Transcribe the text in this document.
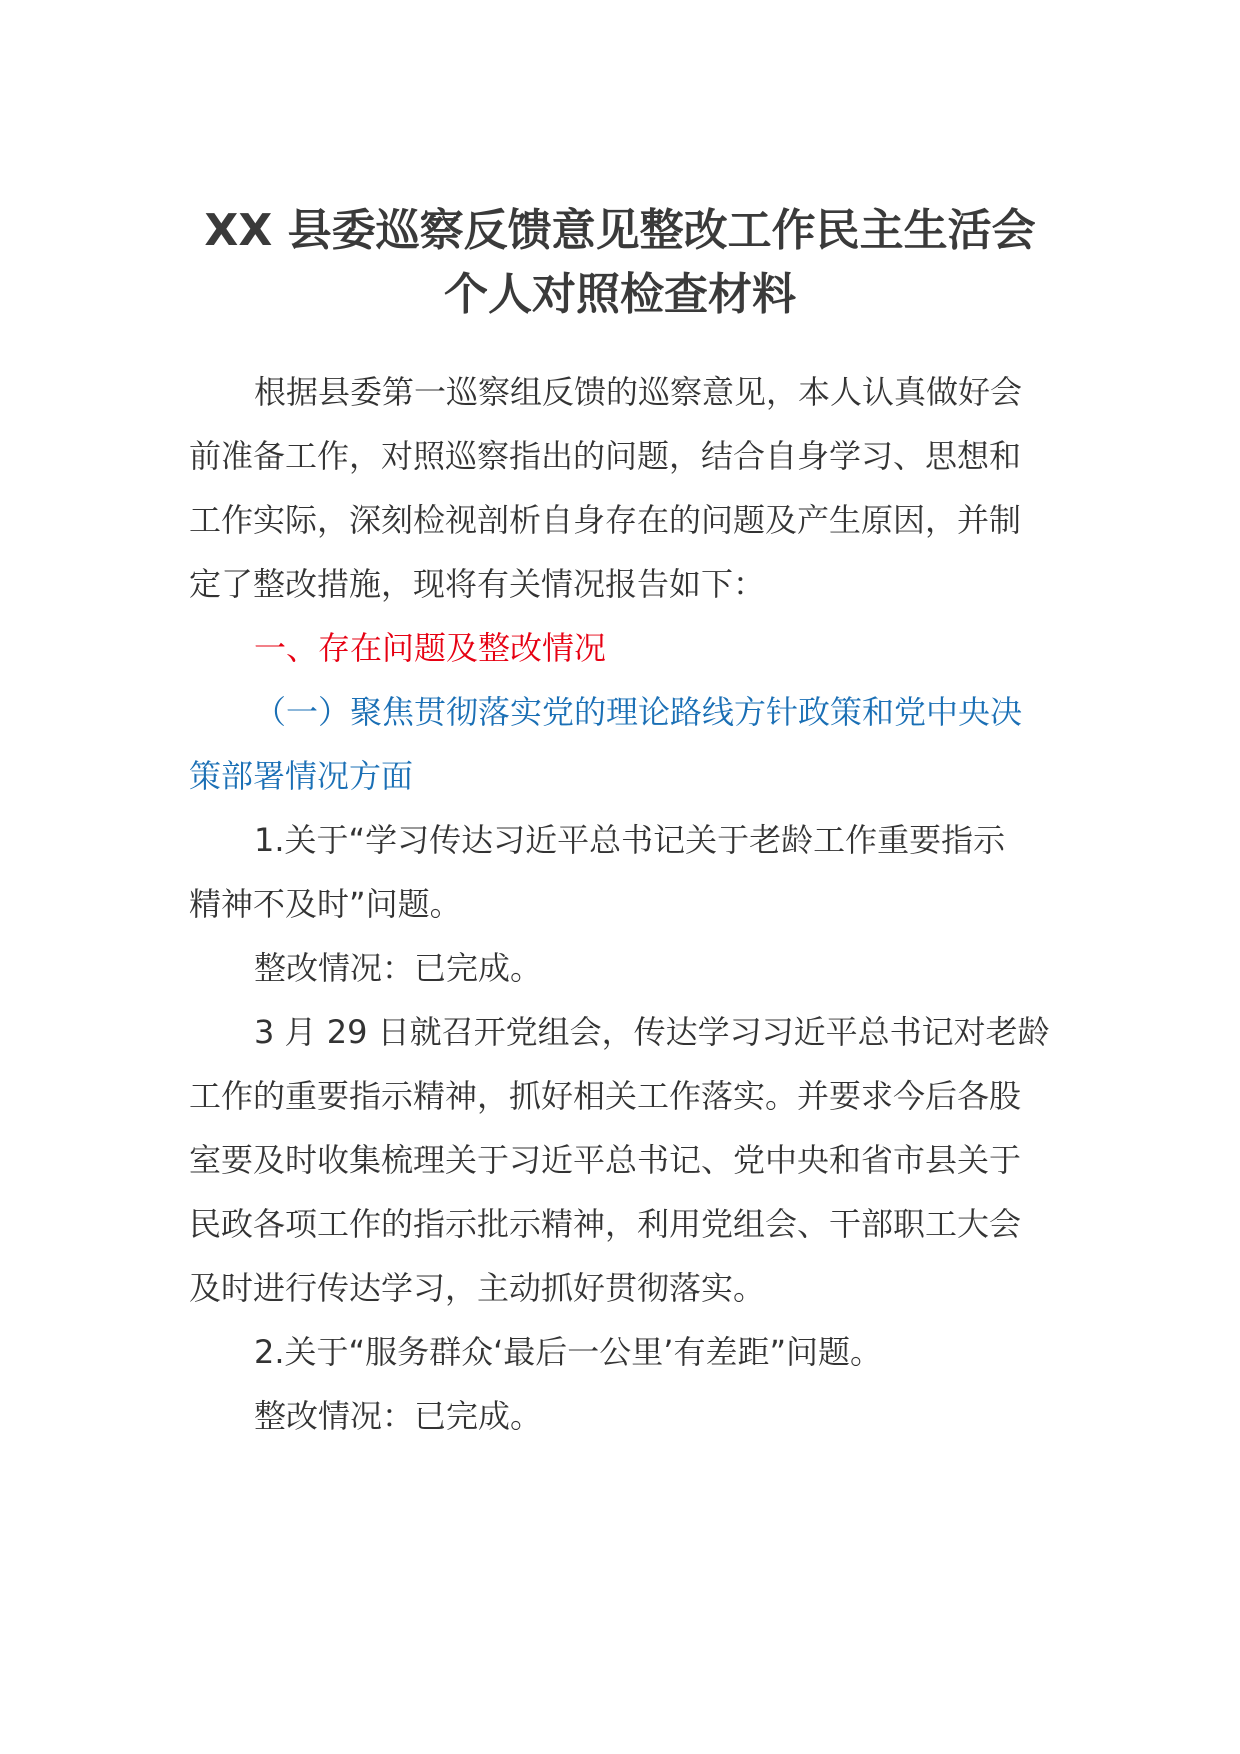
XX 县委巡察反馈意见整改工作民主生活会
个人对照检查材料
根据县委第一巡察组反馈的巡察意见，本人认真做好会
前准备工作，对照巡察指出的问题，结合自身学习、思想和
工作实际，深刻检视剖析自身存在的问题及产生原因，并制
定了整改措施，现将有关情况报告如下：
一、存在问题及整改情况
（一）聚焦贯彻落实党的理论路线方针政策和党中央决
策部署情况方面
1.关于“学习传达习近平总书记关于老龄工作重要指示
精神不及时”问题。
整改情况：已完成。
3 月 29 日就召开党组会，传达学习习近平总书记对老龄
工作的重要指示精神，抓好相关工作落实。并要求今后各股
室要及时收集梳理关于习近平总书记、党中央和省市县关于
民政各项工作的指示批示精神，利用党组会、干部职工大会
及时进行传达学习，主动抓好贯彻落实。
2.关于“服务群众‘最后一公里’有差距”问题。
整改情况：已完成。
